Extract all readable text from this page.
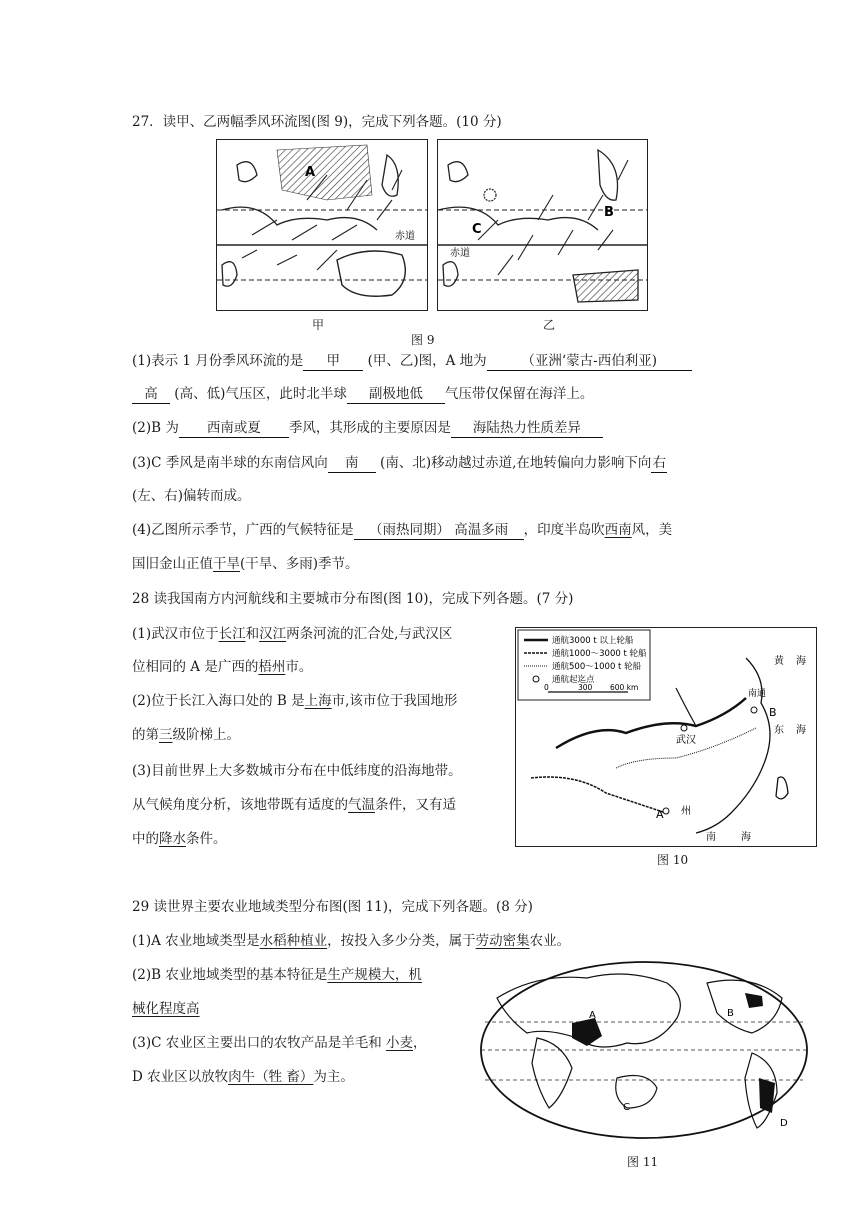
27．读甲、乙两幅季风环流图(图 9)，完成下列各题。(10 分)
A
赤道	C
B
赤道
甲	乙
图 9
(1)表示 1 月份季风环流的是 甲 (甲、乙)图，A 地为	（亚洲‘蒙古-西伯利亚)
高 (高、低)气压区，此时北半球 副极地低 气压带仅保留在海洋上。
(2)B 为 西南或夏 季风，其形成的主要原因是 海陆热力性质差异
(3)C 季风是南半球的东南信风向 南 (南、北)移动越过赤道,在地转偏向力影响下向右
(左、右)偏转而成。
(4)乙图所示季节，广西的气候特征是 （雨热同期） 高温多雨 ，印度半岛吹西南风，美
国旧金山正值干旱(干旱、多雨)季节。
28 读我国南方内河航线和主要城市分布图(图 10)，完成下列各题。(7 分)
(1)武汉市位于长江和汉江两条河流的汇合处,与武汉区
位相同的 A 是广西的梧州市。
(2)位于长江入海口处的 B 是上海市,该市位于我国地形
的第三级阶梯上。
(3)目前世界上大多数城市分布在中低纬度的沿海地带。
从气候角度分析，该地带既有适度的气温条件，又有适
中的降水条件。
通航3000 t 以上轮船
通航1000～3000 t 轮船
通航500～1000 t 轮船
通航起迄点
0	300 600 km
武汉
南通
A
B
黄 海
东 海
南	海
州
图 10
29 读世界主要农业地域类型分布图(图 11)，完成下列各题。(8 分)
(1)A 农业地域类型是水稻种植业，按投入多少分类，属于劳动密集农业。
(2)B 农业地域类型的基本特征是生产规模大，机
械化程度高
(3)C 农业区主要出口的农牧产品是羊毛和 小麦，
D 农业区以放牧肉牛（牲 畜）为主。
A	B
C
D
图 11
